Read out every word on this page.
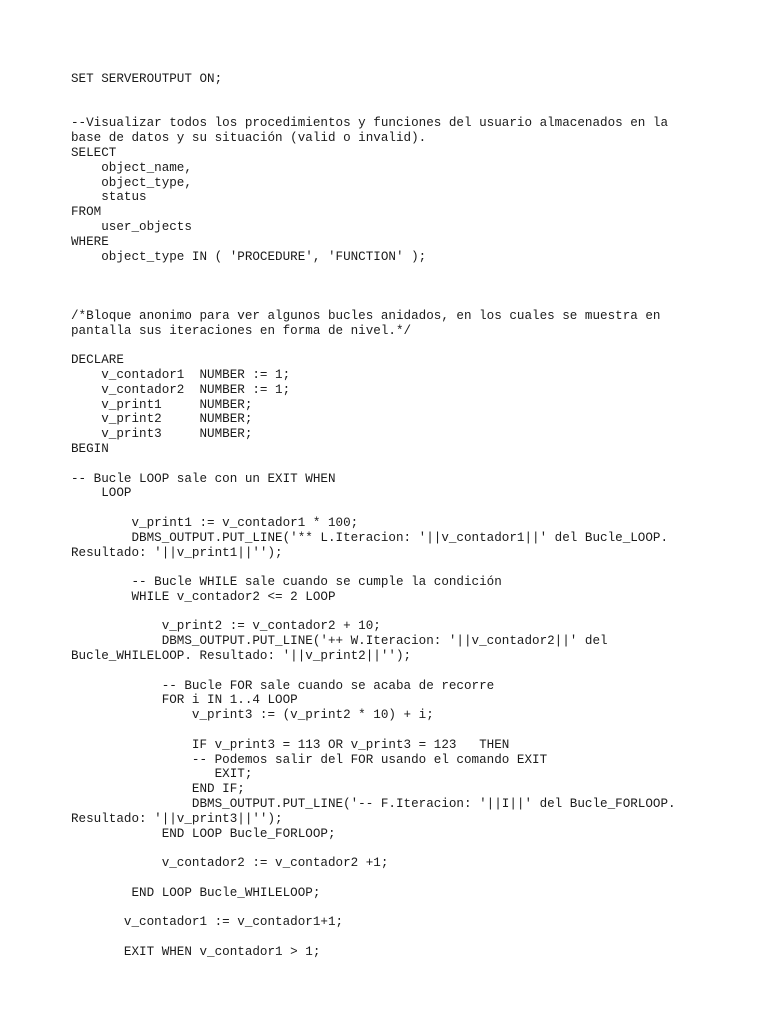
SET SERVEROUTPUT ON;
--Visualizar todos los procedimientos y funciones del usuario almacenados en la
base de datos y su situación (valid o invalid).
SELECT
object_name,
object_type,
status
FROM
user_objects
WHERE
object_type IN ( 'PROCEDURE', 'FUNCTION' );
/*Bloque anonimo para ver algunos bucles anidados, en los cuales se muestra en
pantalla sus iteraciones en forma de nivel.*/
DECLARE
v_contador1  NUMBER := 1;
v_contador2  NUMBER := 1;
v_print1     NUMBER;
v_print2     NUMBER;
v_print3     NUMBER;
BEGIN
-- Bucle LOOP sale con un EXIT WHEN
LOOP
v_print1 := v_contador1 * 100;
DBMS_OUTPUT.PUT_LINE('** L.Iteracion: '||v_contador1||' del Bucle_LOOP.
Resultado: '||v_print1||'');
-- Bucle WHILE sale cuando se cumple la condición
WHILE v_contador2 <= 2 LOOP
v_print2 := v_contador2 + 10;
DBMS_OUTPUT.PUT_LINE('++ W.Iteracion: '||v_contador2||' del
Bucle_WHILELOOP. Resultado: '||v_print2||'');
-- Bucle FOR sale cuando se acaba de recorre
FOR i IN 1..4 LOOP
v_print3 := (v_print2 * 10) + i;
IF v_print3 = 113 OR v_print3 = 123   THEN
-- Podemos salir del FOR usando el comando EXIT
EXIT;
END IF;
DBMS_OUTPUT.PUT_LINE('-- F.Iteracion: '||I||' del Bucle_FORLOOP.
Resultado: '||v_print3||'');
END LOOP Bucle_FORLOOP;
v_contador2 := v_contador2 +1;
END LOOP Bucle_WHILELOOP;
v_contador1 := v_contador1+1;
EXIT WHEN v_contador1 > 1;
